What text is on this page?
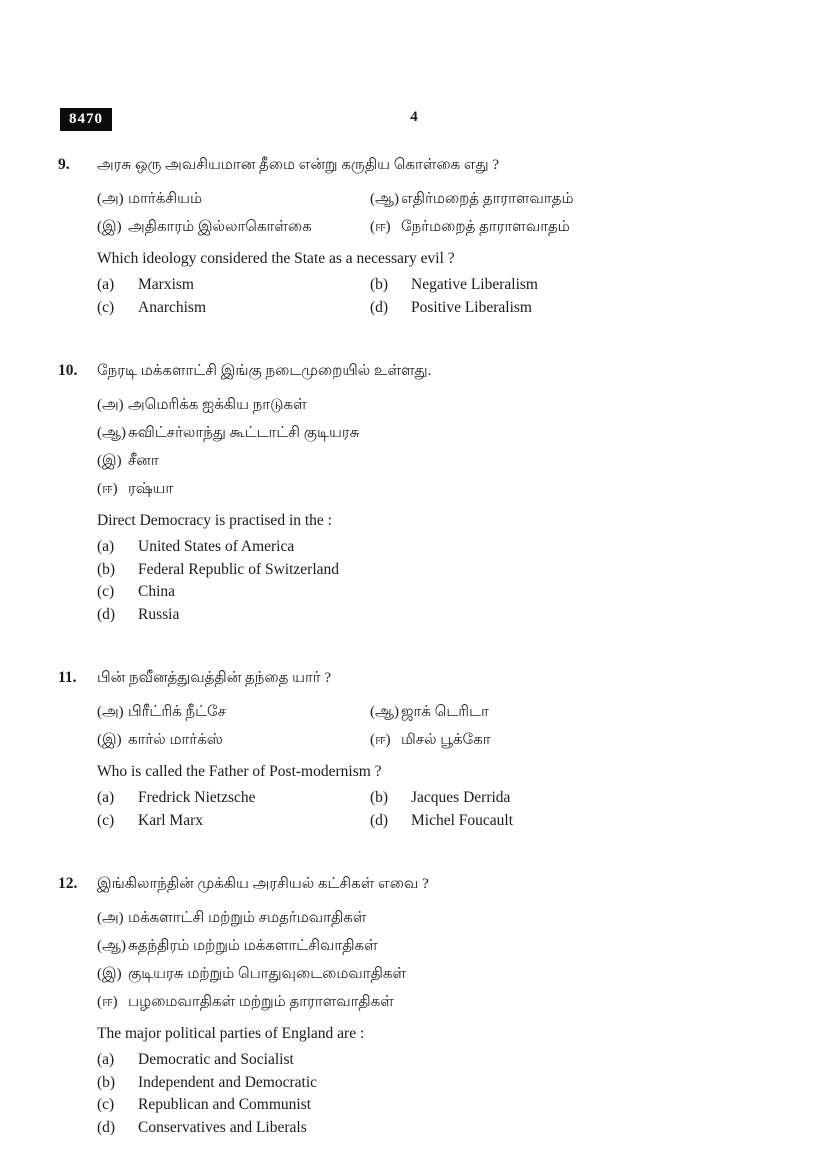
8470	4
9.	அரசு ஒரு அவசியமான தீமை என்று கருதிய கொள்கை எது ?
(அ) மார்க்சியம்	(ஆ) எதிர்மறைத் தாராளவாதம்
(இ) அதிகாரம் இல்லாகொள்கை	(ஈ) நேர்மறைத் தாராளவாதம்
Which ideology considered the State as a necessary evil ?
(a)	Marxism	(b)	Negative Liberalism
(c)	Anarchism	(d)	Positive Liberalism
10.	நேரடி மக்களாட்சி இங்கு நடைமுறையில் உள்ளது.
(அ) அமெரிக்க ஐக்கிய நாடுகள்
(ஆ) சுவிட்சர்லாந்து கூட்டாட்சி குடியரசு
(இ) சீனா
(ஈ) ரஷ்யா
Direct Democracy is practised in the :
(a)	United States of America
(b)	Federal Republic of Switzerland
(c)	China
(d)	Russia
11.	பின் நவீனத்துவத்தின் தந்தை யார் ?
(அ) பிரீட்ரிக் நீட்சே	(ஆ) ஜாக் டெரிடா
(இ) கார்ல் மார்க்ஸ்	(ஈ) மிசல் பூக்கோ
Who is called the Father of Post-modernism ?
(a)	Fredrick Nietzsche	(b)	Jacques Derrida
(c)	Karl Marx	(d)	Michel Foucault
12.	இங்கிலாந்தின் முக்கிய அரசியல் கட்சிகள் எவை ?
(அ) மக்களாட்சி மற்றும் சமதர்மவாதிகள்
(ஆ) சுதந்திரம் மற்றும் மக்களாட்சிவாதிகள்
(இ) குடியரசு மற்றும் பொதுவுடைமைவாதிகள்
(ஈ) பழமைவாதிகள் மற்றும் தாராளவாதிகள்
The major political parties of England are :
(a)	Democratic and Socialist
(b)	Independent and Democratic
(c)	Republican and Communist
(d)	Conservatives and Liberals
